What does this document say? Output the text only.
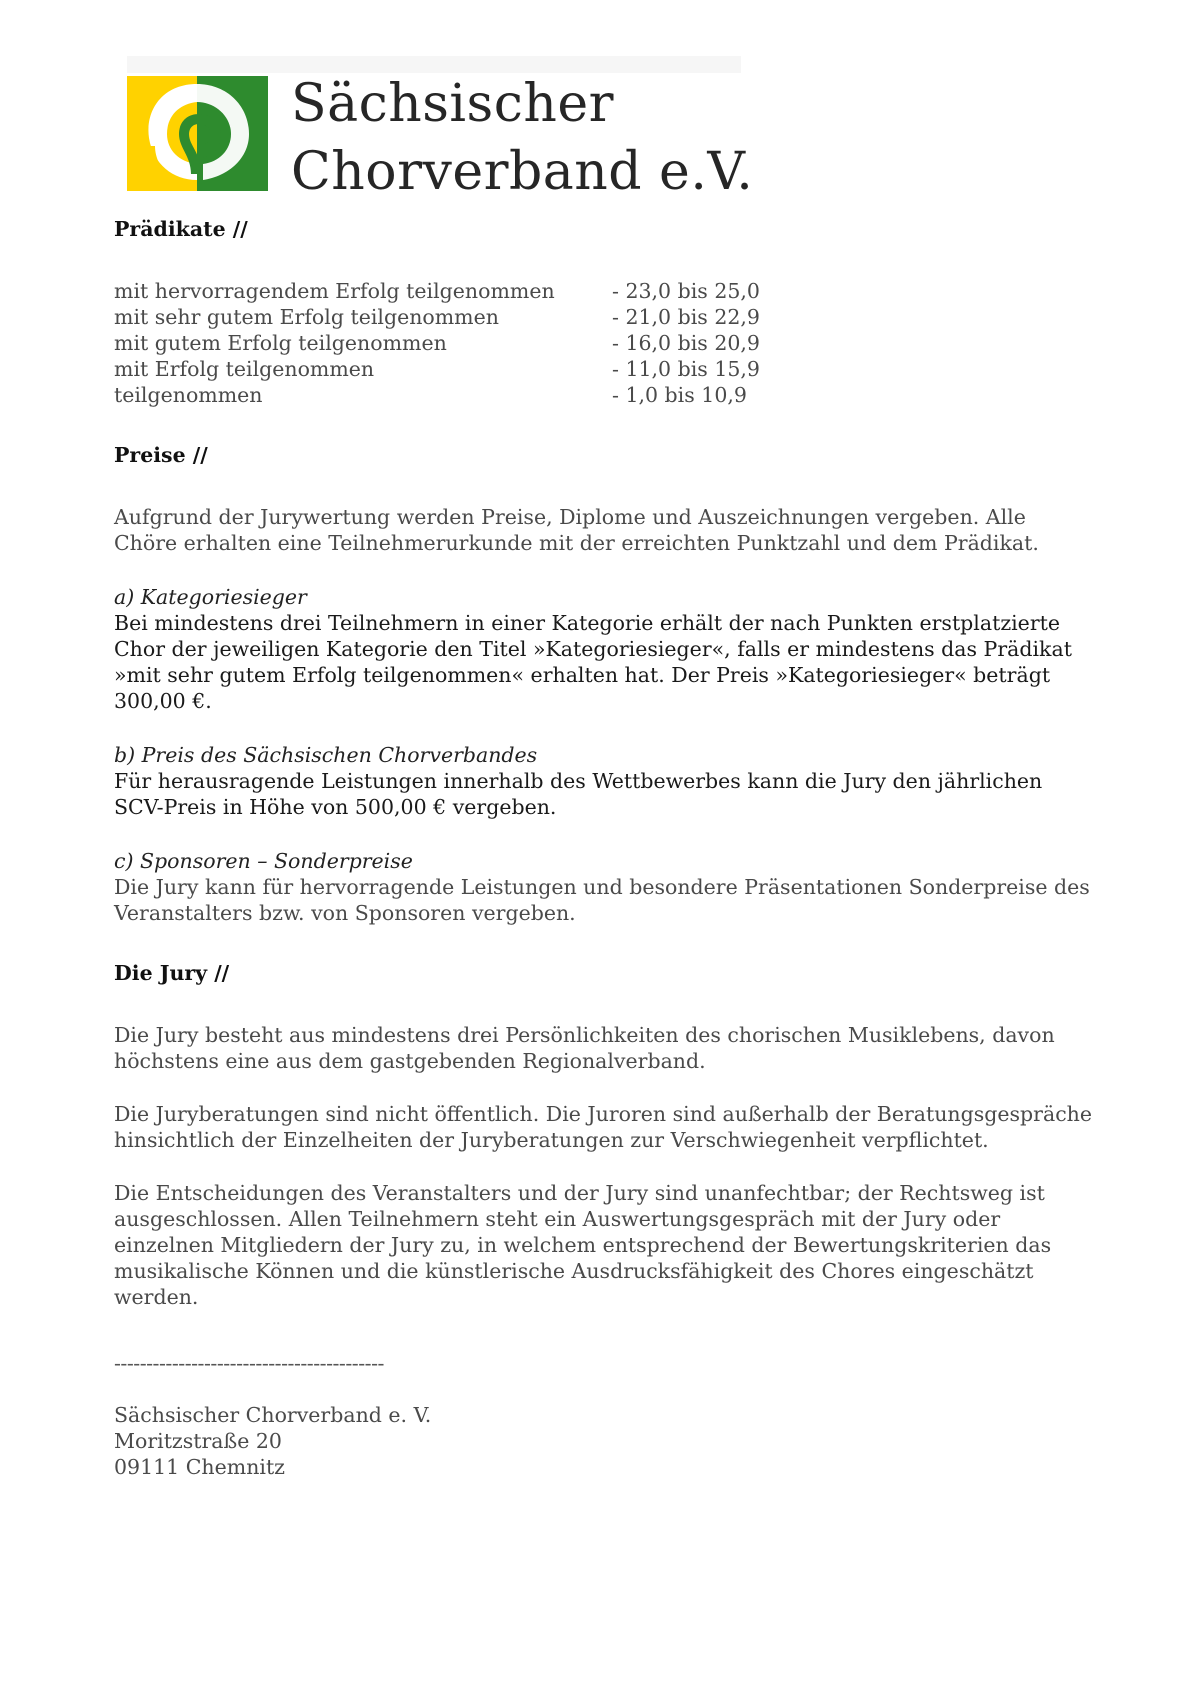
Sächsischer
Chorverband e.V.
Prädikate //
mit hervorragendem Erfolg teilgenommen	- 23,0 bis 25,0
mit sehr gutem Erfolg teilgenommen	- 21,0 bis 22,9
mit gutem Erfolg teilgenommen	- 16,0 bis 20,9
mit Erfolg teilgenommen	- 11,0 bis 15,9
teilgenommen	- 1,0 bis 10,9
Preise //

Aufgrund der Jurywertung werden Preise, Diplome und Auszeichnungen vergeben. Alle Chöre erhalten eine Teilnehmerurkunde mit der erreichten Punktzahl und dem Prädikat.

a) Kategoriesieger

Bei mindestens drei Teilnehmern in einer Kategorie erhält der nach Punkten erstplatzierte Chor der jeweiligen Kategorie den Titel »Kategoriesieger«, falls er mindestens das Prädikat »mit sehr gutem Erfolg teilgenommen« erhalten hat. Der Preis »Kategoriesieger« beträgt 300,00 €.

b) Preis des Sächsischen Chorverbandes

Für herausragende Leistungen innerhalb des Wettbewerbes kann die Jury den jährlichen SCV-Preis in Höhe von 500,00 € vergeben.

c) Sponsoren – Sonderpreise

Die Jury kann für hervorragende Leistungen und besondere Präsentationen Sonderpreise des Veranstalters bzw. von Sponsoren vergeben.

Die Jury //

Die Jury besteht aus mindestens drei Persönlichkeiten des chorischen Musiklebens, davon höchstens eine aus dem gastgebenden Regionalverband.

Die Juryberatungen sind nicht öffentlich. Die Juroren sind außerhalb der Beratungsgespräche hinsichtlich der Einzelheiten der Juryberatungen zur Verschwiegenheit verpflichtet.

Die Entscheidungen des Veranstalters und der Jury sind unanfechtbar; der Rechtsweg ist ausgeschlossen. Allen Teilnehmern steht ein Auswertungsgespräch mit der Jury oder einzelnen Mitgliedern der Jury zu, in welchem entsprechend der Bewertungskriterien das musikalische Können und die künstlerische Ausdrucksfähigkeit des Chores eingeschätzt werden.

------------------------------------------

Sächsischer Chorverband e. V.

Moritzstraße 20

09111 Chemnitz
